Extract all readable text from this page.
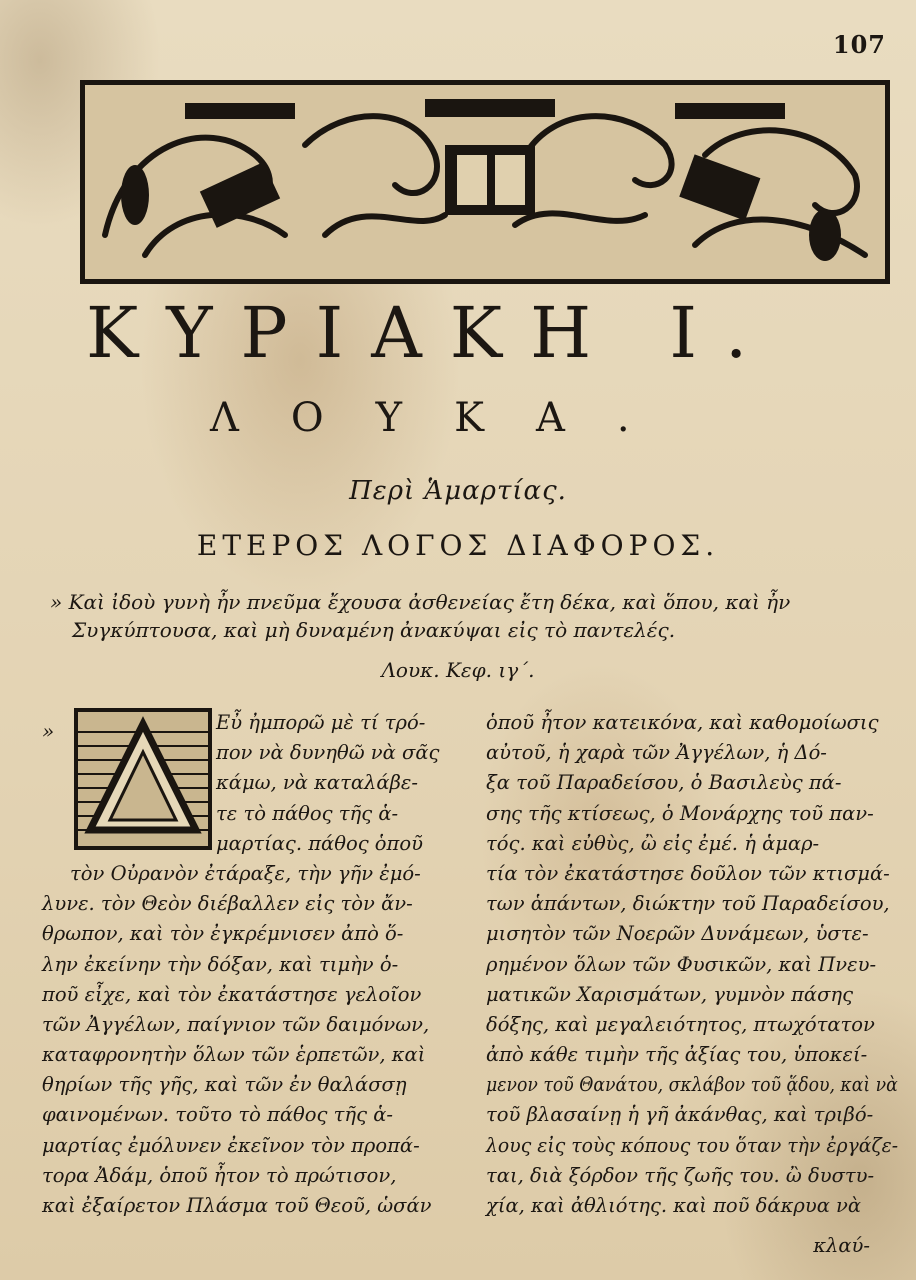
107
ΚΥΡΙΑΚΗ Ι.
ΛΟΥΚΑ.
Περὶ Ἁμαρτίας.
ΕΤΕΡΟΣ ΛΟΓΟΣ ΔΙΑΦΟΡΟΣ.
» Καὶ ἰδοὺ γυνὴ ἦν πνεῦμα ἔχουσα ἀσθενείας ἔτη δέκα, καὶ ὅπου, καὶ ἦν
Συγκύπτουσα, καὶ μὴ δυναμένη ἀνακύψαι εἰς τὸ παντελές.
Λουκ. Κεφ. ιγ΄.
»	Εὖ ἠμπορῶ μὲ τί τρό-
πον νὰ δυνηθῶ νὰ σᾶς
κάμω, νὰ καταλάβε-
τε τὸ πάθος τῆς ἁ-
μαρτίας. πάθος ὁποῦ
τὸν Οὐρανὸν ἐτάραξε, τὴν γῆν ἐμό-
λυνε. τὸν Θεὸν διέβαλλεν εἰς τὸν ἄν-
θρωπον, καὶ τὸν ἐγκρέμνισεν ἀπὸ ὅ-
λην ἐκείνην τὴν δόξαν, καὶ τιμὴν ὁ-
ποῦ εἶχε, καὶ τὸν ἐκατάστησε γελοῖον
τῶν Ἀγγέλων, παίγνιον τῶν δαιμόνων,
καταφρονητὴν ὅλων τῶν ἑρπετῶν, καὶ
θηρίων τῆς γῆς, καὶ τῶν ἐν θαλάσσῃ
φαινομένων. τοῦτο τὸ πάθος τῆς ἁ-
μαρτίας ἐμόλυνεν ἐκεῖνον τὸν προπά-
τορα Ἀδάμ, ὁποῦ ἦτον τὸ πρώτισον,
καὶ ἐξαίρετον Πλάσμα τοῦ Θεοῦ, ὡσάν
ὁποῦ ἦτον κατεικόνα, καὶ καθομοίωσις
αὐτοῦ, ἡ χαρὰ τῶν Ἀγγέλων, ἡ Δό-
ξα τοῦ Παραδείσου, ὁ Βασιλεὺς πά-
σης τῆς κτίσεως, ὁ Μονάρχης τοῦ παν-
τός. καὶ εὐθὺς, ὢ εἰς ἐμέ. ἡ ἁμαρ-
τία τὸν ἐκατάστησε δοῦλον τῶν κτισμά-
των ἁπάντων, διώκτην τοῦ Παραδείσου,
μισητὸν τῶν Νοερῶν Δυνάμεων, ὑστε-
ρημένον ὅλων τῶν Φυσικῶν, καὶ Πνευ-
ματικῶν Χαρισμάτων, γυμνὸν πάσης
δόξης, καὶ μεγαλειότητος, πτωχότατον
ἀπὸ κάθε τιμὴν τῆς ἀξίας του, ὑποκεί-
μενον τοῦ Θανάτου, σκλάβον τοῦ ᾅδου, καὶ νὰ
τοῦ βλασαίνῃ ἡ γῆ ἀκάνθας, καὶ τριβό-
λους εἰς τοὺς κόπους του ὅταν τὴν ἐργάζε-
ται, διὰ ξόρδον τῆς ζωῆς του. ὢ δυστυ-
χία, καὶ ἀθλιότης. καὶ ποῦ δάκρυα νὰ
κλαύ-
